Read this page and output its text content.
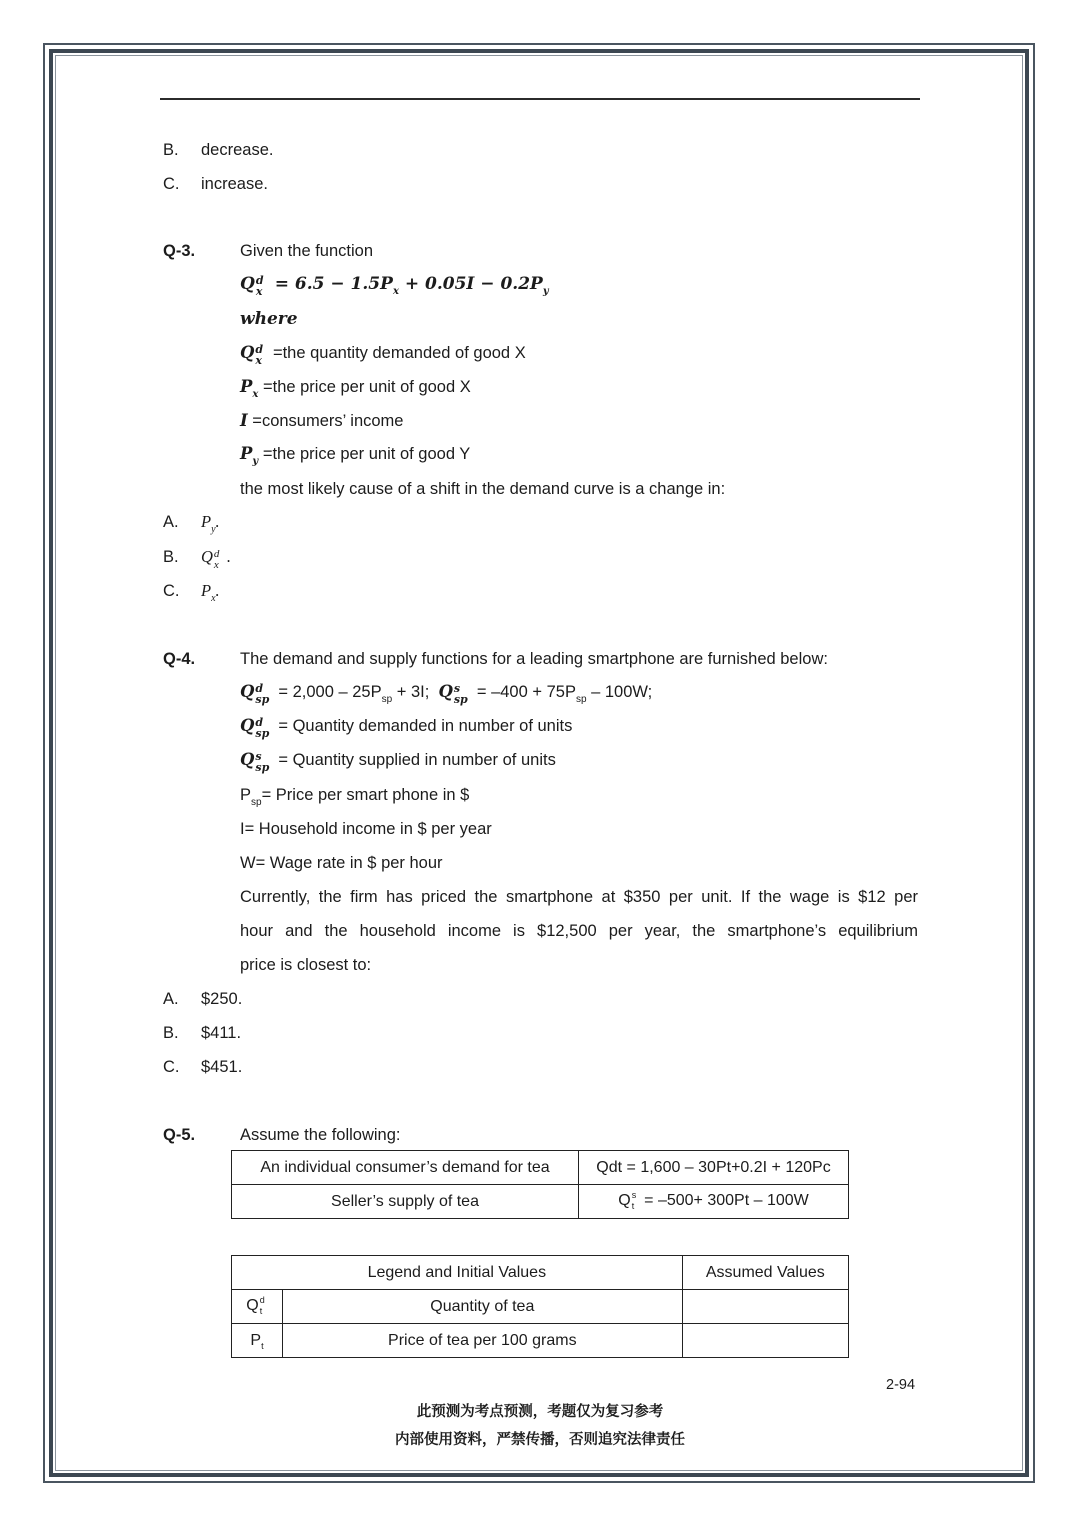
B. decrease.
C. increase.
Q-3.	Given the function
Q d
$x = 6.5 - 1.5P_x + 0.05I - 0.2P_y$
where
Q d
x =the quantity demanded of good X
$P_x =the$ price per unit of good X
I =consumers’ income
$P_y =the$ price per unit of good Y
the most likely cause of a shift in the demand curve is a change in:
A. $P_y$.
B. Q d
x .
C. $P_x$.
Q-4.	The demand and supply functions for a leading smartphone are furnished below:
Q d
sp = $2,000 - 25P_{sp} + 3I$; Q s
sp = $-400 + 75P_{sp} - 100W$;
Q d
sp = Quantity demanded in number of units
Q s
sp = Quantity supplied in number of units
$P_{sp}=$ Price per smart phone in $
I= Household income in $ per year
W= Wage rate in $ per hour
Currently, the firm has priced the smartphone at $350 per unit. If the wage is $12 per
hour and the household income is $12,500 per year, the smartphone’s equilibrium
price is closest to:
A. $250.
B. $411.
C. $451.
Q-5.	Assume the following:
An individual consumer’s demand for tea	Qdt = 1,600 – 30Pt+0.2I + 120Pc
Seller’s supply of tea	Q s
t = –500+ 300Pt – 100W
Legend and Initial Values		Assumed Values
Q d
t	Quantity of tea	
$P_t$	Price of tea per 100 grams	
2-94
此预测为考点预测，考题仅为复习参考
内部使用资料，严禁传播，否则追究法律责任
